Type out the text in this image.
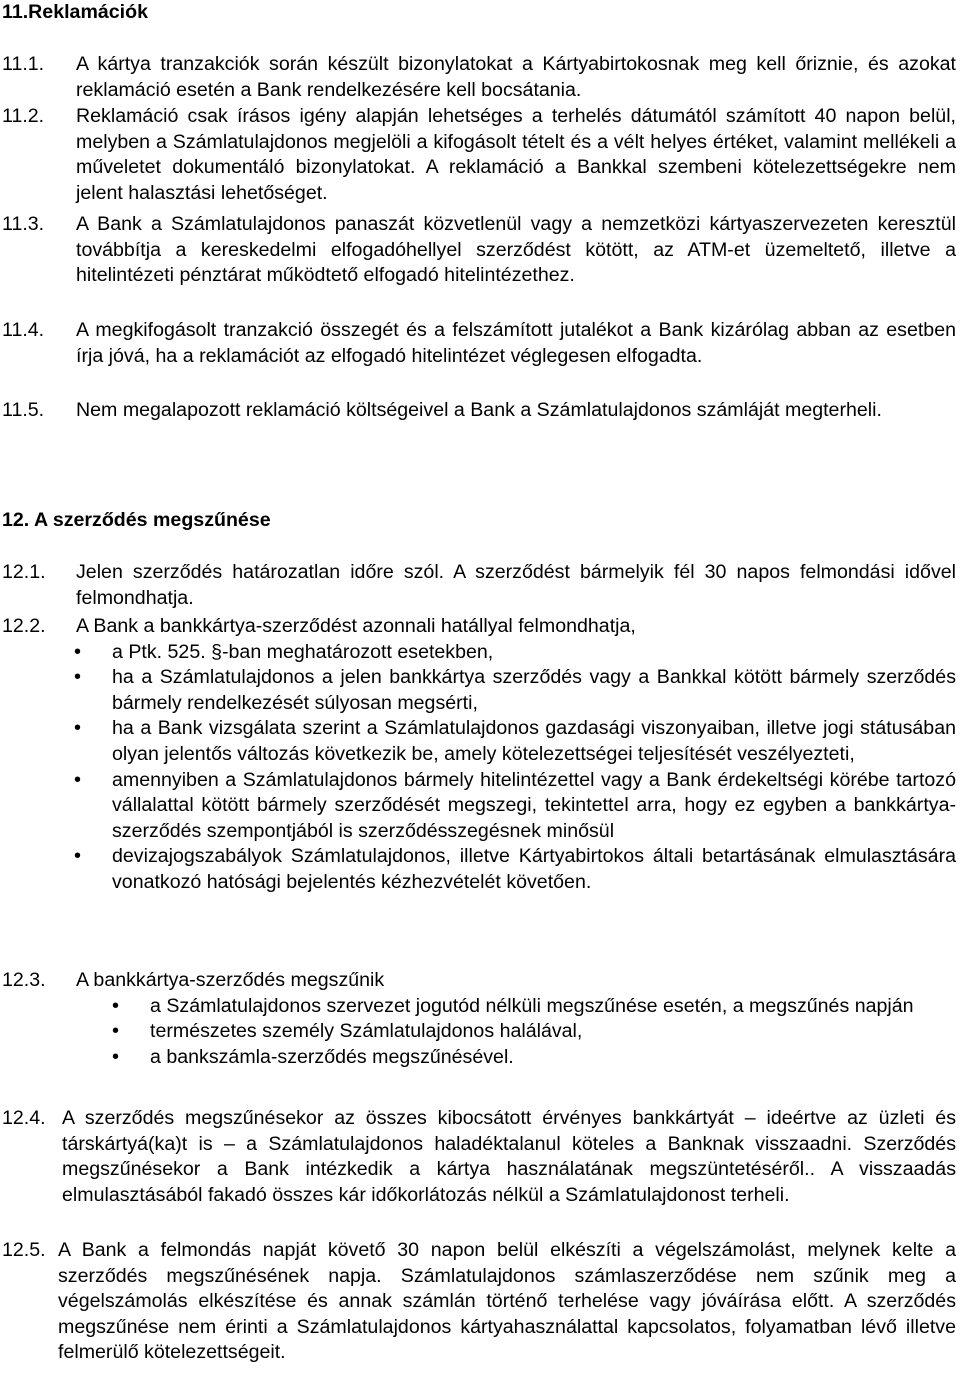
11.Reklamációk
11.1.	A kártya tranzakciók során készült bizonylatokat a Kártyabirtokosnak meg kell őriznie, és azokat reklamáció esetén a Bank rendelkezésére kell bocsátania.
11.2.	Reklamáció csak írásos igény alapján lehetséges a terhelés dátumától számított 40 napon belül, melyben a Számlatulajdonos megjelöli a kifogásolt tételt és a vélt helyes értéket, valamint mellékeli a műveletet dokumentáló bizonylatokat. A reklamáció a Bankkal szembeni kötelezettségekre nem jelent halasztási lehetőséget.
11.3.	A Bank a Számlatulajdonos panaszát közvetlenül vagy a nemzetközi kártyaszervezeten keresztül továbbítja a kereskedelmi elfogadóhellyel szerződést kötött, az ATM-et üzemeltető, illetve a hitelintézeti pénztárat működtető elfogadó hitelintézethez.
11.4.	A megkifogásolt tranzakció összegét és a felszámított jutalékot a Bank kizárólag abban az esetben írja jóvá, ha a reklamációt az elfogadó hitelintézet véglegesen elfogadta.
11.5.	Nem megalapozott reklamáció költségeivel a Bank a Számlatulajdonos számláját megterheli.
12. A szerződés megszűnése
12.1.	Jelen szerződés határozatlan időre szól. A szerződést bármelyik fél 30 napos felmondási idővel felmondhatja.
12.2.	A Bank a bankkártya-szerződést azonnali hatállyal felmondhatja,
• a Ptk. 525. §-ban meghatározott esetekben,
• ha a Számlatulajdonos a jelen bankkártya szerződés vagy a Bankkal kötött bármely szerződés bármely rendelkezését súlyosan megsérti,
• ha a Bank vizsgálata szerint a Számlatulajdonos gazdasági viszonyaiban, illetve jogi státusában olyan jelentős változás következik be, amely kötelezettségei teljesítését veszélyezteti,
• amennyiben a Számlatulajdonos bármely hitelintézettel vagy a Bank érdekeltségi körébe tartozó vállalattal kötött bármely szerződését megszegi, tekintettel arra, hogy ez egyben a bankkártya-szerződés szempontjából is szerződésszegésnek minősül
• devizajogszabályok Számlatulajdonos, illetve Kártyabirtokos általi betartásának elmulasztására vonatkozó hatósági bejelentés kézhezvételét követően.
12.3.	A bankkártya-szerződés megszűnik
• a Számlatulajdonos szervezet jogutód nélküli megszűnése esetén, a megszűnés napján
• természetes személy Számlatulajdonos halálával,
• a bankszámla-szerződés megszűnésével.
12.4. A szerződés megszűnésekor az összes kibocsátott érvényes bankkártyát – ideértve az üzleti és társkártyá(ka)t is – a Számlatulajdonos haladéktalanul köteles a Banknak visszaadni. Szerződés megszűnésekor a Bank intézkedik a kártya használatának megszüntetéséről.. A visszaadás elmulasztásából fakadó összes kár időkorlátozás nélkül a Számlatulajdonost terheli.
12.5. A Bank a felmondás napját követő 30 napon belül elkészíti a végelszámolást, melynek kelte a szerződés megszűnésének napja. Számlatulajdonos számlaszerződése nem szűnik meg a végelszámolás elkészítése és annak számlán történő terhelése vagy jóváírása előtt. A szerződés megszűnése nem érinti a Számlatulajdonos kártyahasználattal kapcsolatos, folyamatban lévő illetve felmerülő kötelezettségeit.
